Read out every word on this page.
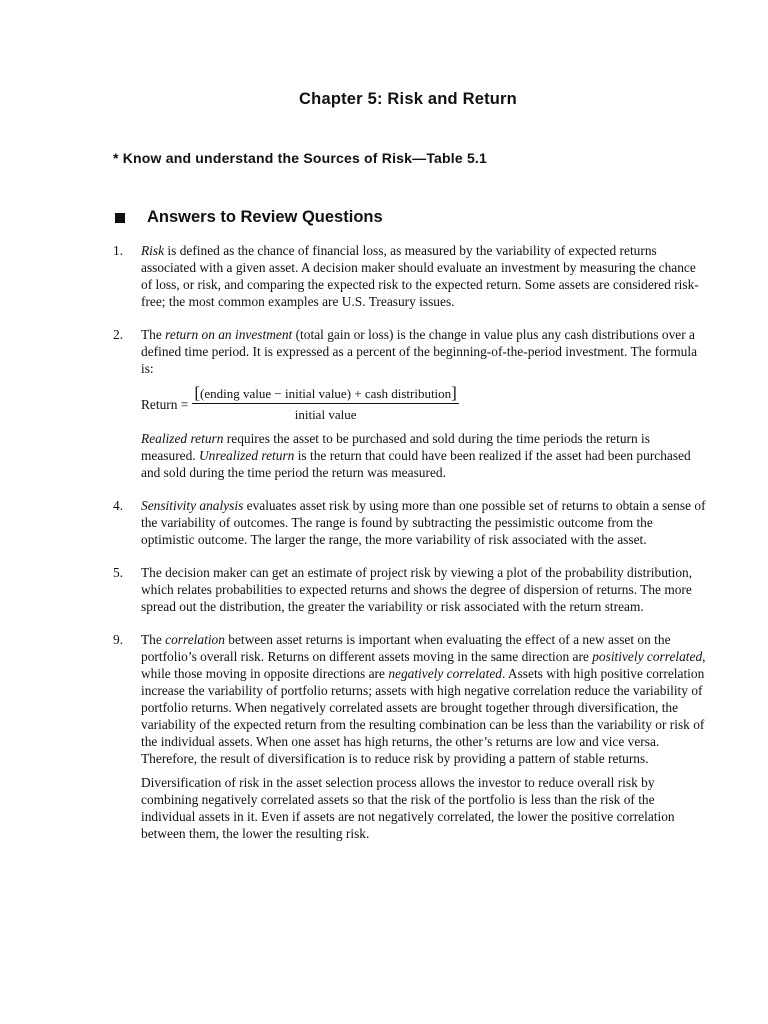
Chapter 5: Risk and Return
* Know and understand the Sources of Risk—Table 5.1
Answers to Review Questions
1.	Risk is defined as the chance of financial loss, as measured by the variability of expected returns associated with a given asset. A decision maker should evaluate an investment by measuring the chance of loss, or risk, and comparing the expected risk to the expected return. Some assets are considered risk-free; the most common examples are U.S. Treasury issues.

2.	The return on an investment (total gain or loss) is the change in value plus any cash distributions over a defined time period. It is expressed as a percent of the beginning-of-the-period investment. The formula is:

Return = $\frac{\text{[(ending value − initial value) + cash distribution]}}{\text{initial value}}$

Realized return requires the asset to be purchased and sold during the time periods the return is measured. Unrealized return is the return that could have been realized if the asset had been purchased and sold during the time period the return was measured.

4.	Sensitivity analysis evaluates asset risk by using more than one possible set of returns to obtain a sense of the variability of outcomes. The range is found by subtracting the pessimistic outcome from the optimistic outcome. The larger the range, the more variability of risk associated with the asset.

5.	The decision maker can get an estimate of project risk by viewing a plot of the probability distribution, which relates probabilities to expected returns and shows the degree of dispersion of returns. The more spread out the distribution, the greater the variability or risk associated with the return stream.

9.	The correlation between asset returns is important when evaluating the effect of a new asset on the portfolio’s overall risk. Returns on different assets moving in the same direction are positively correlated, while those moving in opposite directions are negatively correlated. Assets with high positive correlation increase the variability of portfolio returns; assets with high negative correlation reduce the variability of portfolio returns. When negatively correlated assets are brought together through diversification, the variability of the expected return from the resulting combination can be less than the variability or risk of the individual assets. When one asset has high returns, the other’s returns are low and vice versa. Therefore, the result of diversification is to reduce risk by providing a pattern of stable returns.

Diversification of risk in the asset selection process allows the investor to reduce overall risk by combining negatively correlated assets so that the risk of the portfolio is less than the risk of the individual assets in it. Even if assets are not negatively correlated, the lower the positive correlation between them, the lower the resulting risk.
